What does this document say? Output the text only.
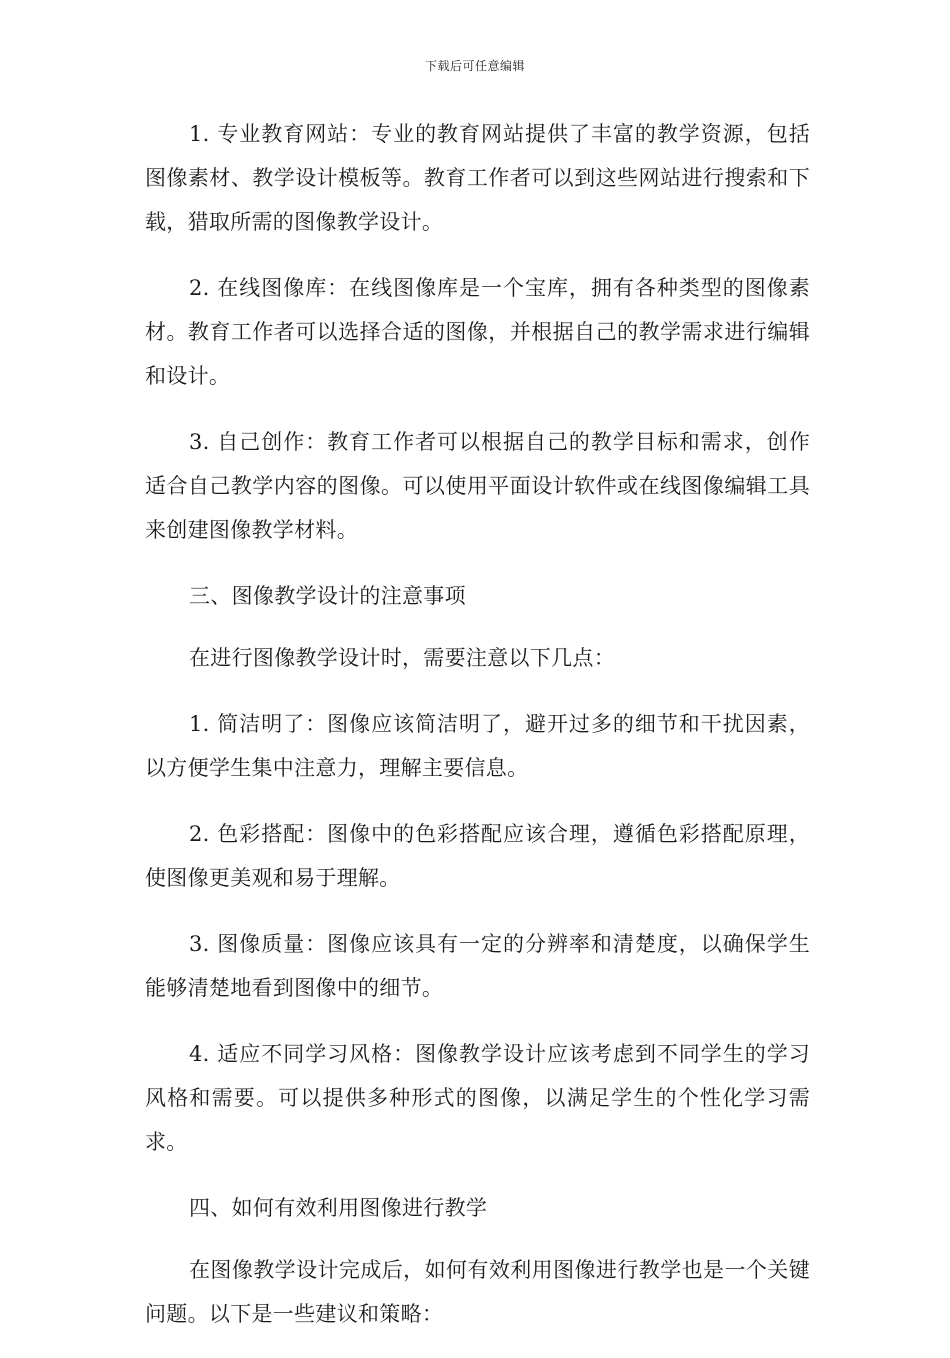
下载后可任意编辑

1. 专业教育网站：专业的教育网站提供了丰富的教学资源，包括图像素材、教学设计模板等。教育工作者可以到这些网站进行搜索和下载，猎取所需的图像教学设计。

2. 在线图像库：在线图像库是一个宝库，拥有各种类型的图像素材。教育工作者可以选择合适的图像，并根据自己的教学需求进行编辑和设计。

3. 自己创作：教育工作者可以根据自己的教学目标和需求，创作适合自己教学内容的图像。可以使用平面设计软件或在线图像编辑工具来创建图像教学材料。

三、图像教学设计的注意事项

在进行图像教学设计时，需要注意以下几点：

1. 简洁明了：图像应该简洁明了，避开过多的细节和干扰因素，以方便学生集中注意力，理解主要信息。

2. 色彩搭配：图像中的色彩搭配应该合理，遵循色彩搭配原理，使图像更美观和易于理解。

3. 图像质量：图像应该具有一定的分辨率和清楚度，以确保学生能够清楚地看到图像中的细节。

4. 适应不同学习风格：图像教学设计应该考虑到不同学生的学习风格和需要。可以提供多种形式的图像，以满足学生的个性化学习需求。

四、如何有效利用图像进行教学

在图像教学设计完成后，如何有效利用图像进行教学也是一个关键问题。以下是一些建议和策略：
